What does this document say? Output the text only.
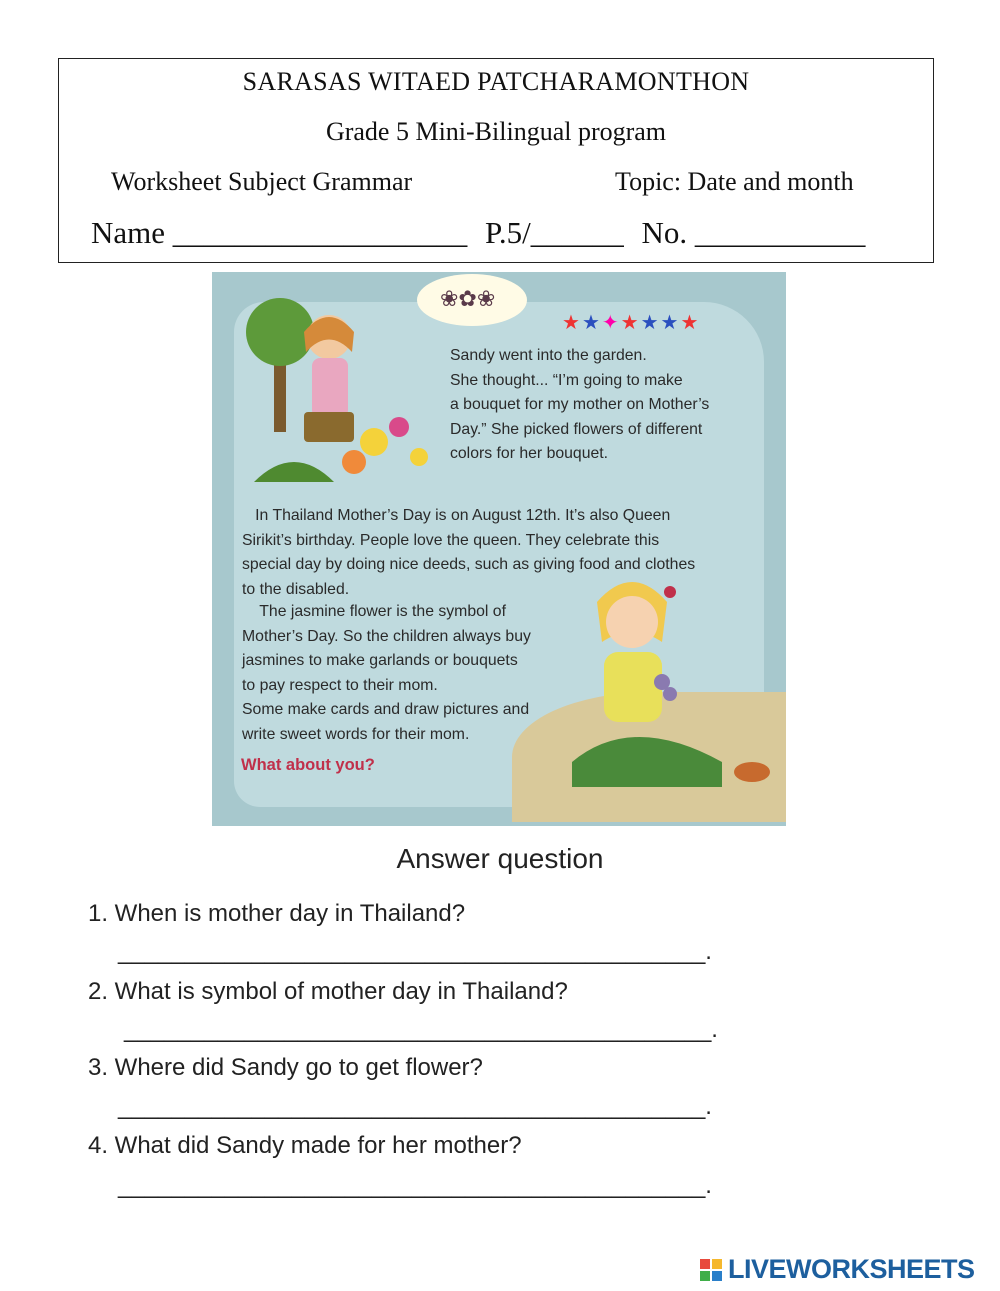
SARASAS WITAED PATCHARAMONTHON
Grade 5 Mini-Bilingual program
Worksheet Subject Grammar	Topic: Date and month
Name ___________________ P.5/______ No. ___________
❀✿❀
★★✦★★★★
Sandy went into the garden.
She thought... “I’m going to make
a bouquet for my mother on Mother’s
Day.” She picked flowers of different
colors for her bouquet.
In Thailand Mother’s Day is on August 12th. It’s also Queen
Sirikit’s birthday. People love the queen. They celebrate this
special day by doing nice deeds, such as giving food and clothes
to the disabled.
The jasmine flower is the symbol of
Mother’s Day. So the children always buy
jasmines to make garlands or bouquets
to pay respect to their mom.
Some make cards and draw pictures and
write sweet words for their mom.
What about you?
Answer question
1. When is mother day in Thailand?
____________________________________________.
2. What is symbol of mother day in Thailand?
____________________________________________.
3. Where did Sandy go to get flower?
____________________________________________.
4. What did Sandy made for her mother?
____________________________________________.
LIVEWORKSHEETS
